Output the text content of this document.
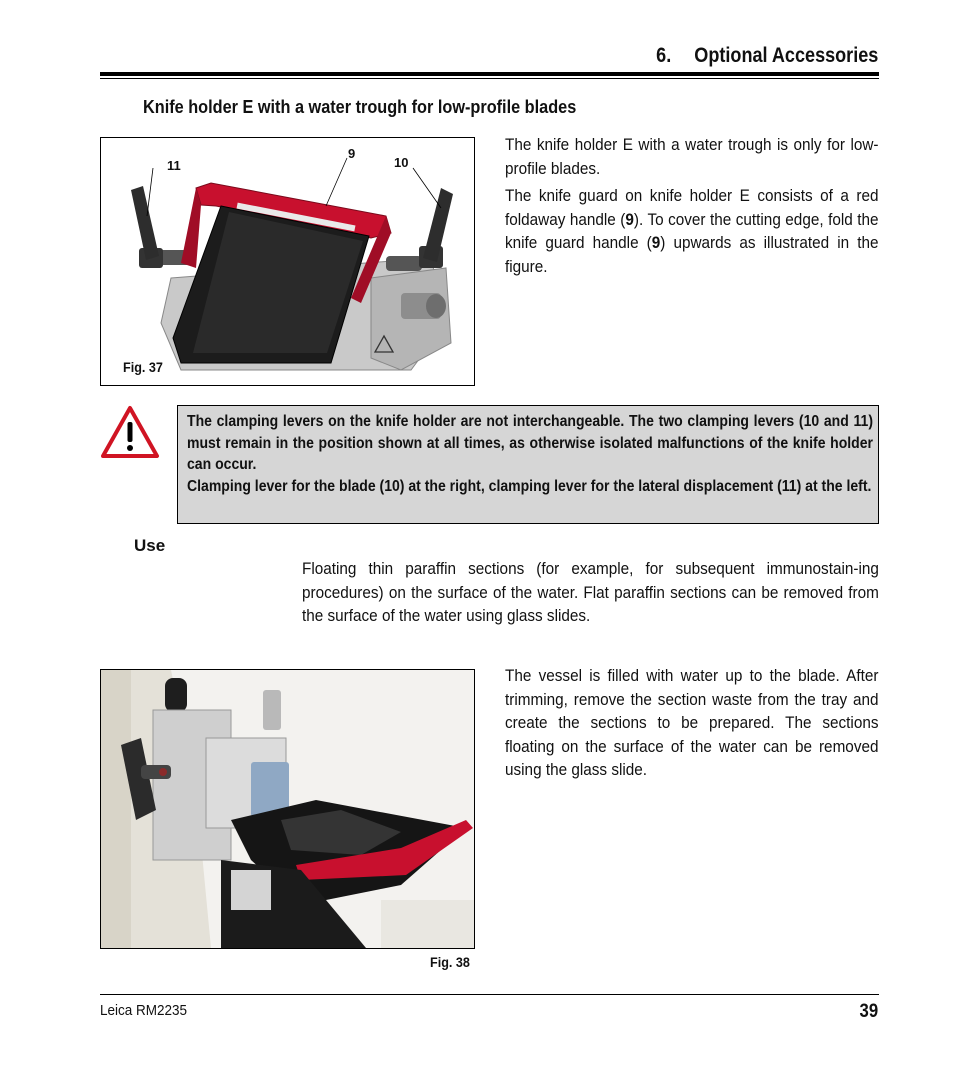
6.  Optional Accessories
Knife holder E with a water trough for low-profile blades
11
9
10
Fig. 37

The knife holder E with a water trough is only for low-profile blades.

The knife guard on knife holder E consists of a red foldaway handle (9). To cover the cutting edge, fold the knife guard handle (9) upwards as illustrated in the figure.

The clamping levers on the knife holder are not interchangeable. The two clamping levers (10 and 11) must remain in the position shown at all times, as otherwise isolated malfunctions of the knife holder can occur.

Clamping lever for the blade (10) at the right, clamping lever for the lateral displacement (11) at the left.

Use

Floating thin paraffin sections (for example, for subsequent immunostain-ing procedures) on the surface of the water. Flat paraffin sections can be removed from the surface of the water using glass slides.

Fig. 38

The vessel is filled with water up to the blade. After trimming, remove the section waste from the tray and create the sections to be prepared. The sections floating on the surface of the water can be removed using the glass slide.

Leica RM2235	39
